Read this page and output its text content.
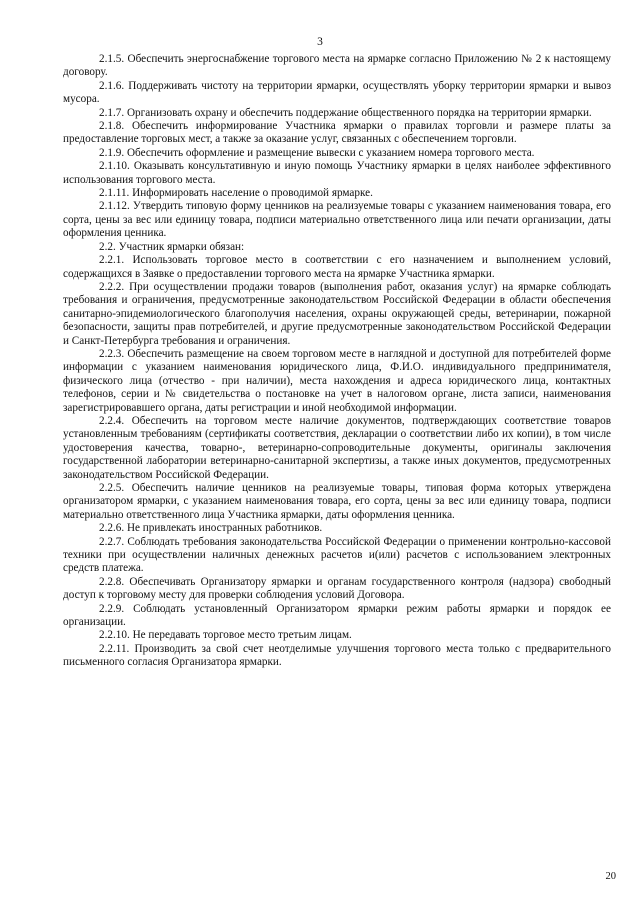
3

2.1.5. Обеспечить энергоснабжение торгового места на ярмарке согласно Приложению № 2 к настоящему договору.

2.1.6. Поддерживать чистоту на территории ярмарки, осуществлять уборку территории ярмарки и вывоз мусора.

2.1.7. Организовать охрану и обеспечить поддержание общественного порядка на территории ярмарки.

2.1.8. Обеспечить информирование Участника ярмарки о правилах торговли и размере платы за предоставление торговых мест, а также за оказание услуг, связанных с обеспечением торговли.

2.1.9. Обеспечить оформление и размещение вывески с указанием номера торгового места.

2.1.10. Оказывать консультативную и иную помощь Участнику ярмарки в целях наиболее эффективного использования торгового места.

2.1.11. Информировать население о проводимой ярмарке.

2.1.12. Утвердить типовую форму ценников на реализуемые товары с указанием наименования товара, его сорта, цены за вес или единицу товара, подписи материально ответственного лица или печати организации, даты оформления ценника.

2.2. Участник ярмарки обязан:

2.2.1. Использовать торговое место в соответствии с его назначением и выполнением условий, содержащихся в Заявке о предоставлении торгового места на ярмарке Участника ярмарки.

2.2.2. При осуществлении продажи товаров (выполнения работ, оказания услуг) на ярмарке соблюдать требования и ограничения, предусмотренные законодательством Российской Федерации в области обеспечения санитарно-эпидемиологического благополучия населения, охраны окружающей среды, ветеринарии, пожарной безопасности, защиты прав потребителей, и другие предусмотренные законодательством Российской Федерации и Санкт-Петербурга требования и ограничения.

2.2.3. Обеспечить размещение на своем торговом месте в наглядной и доступной для потребителей форме информации с указанием наименования юридического лица, Ф.И.О. индивидуального предпринимателя, физического лица (отчество - при наличии), места нахождения и адреса юридического лица, контактных телефонов, серии и № свидетельства о постановке на учет в налоговом органе, листа записи, наименования зарегистрировавшего органа, даты регистрации и иной необходимой информации.

2.2.4. Обеспечить на торговом месте наличие документов, подтверждающих соответствие товаров установленным требованиям (сертификаты соответствия, декларации о соответствии либо их копии), в том числе удостоверения качества, товарно-, ветеринарно-сопроводительные документы, оригиналы заключения государственной лаборатории ветеринарно-санитарной экспертизы, а также иных документов, предусмотренных законодательством Российской Федерации.

2.2.5. Обеспечить наличие ценников на реализуемые товары, типовая форма которых утверждена организатором ярмарки, с указанием наименования товара, его сорта, цены за вес или единицу товара, подписи материально ответственного лица Участника ярмарки, даты оформления ценника.

2.2.6. Не привлекать иностранных работников.

2.2.7. Соблюдать требования законодательства Российской Федерации о применении контрольно-кассовой техники при осуществлении наличных денежных расчетов и(или) расчетов с использованием электронных средств платежа.

2.2.8. Обеспечивать Организатору ярмарки и органам государственного контроля (надзора) свободный доступ к торговому месту для проверки соблюдения условий Договора.

2.2.9. Соблюдать установленный Организатором ярмарки режим работы ярмарки и порядок ее организации.

2.2.10. Не передавать торговое место третьим лицам.

2.2.11. Производить за свой счет неотделимые улучшения торгового места только с предварительного письменного согласия Организатора ярмарки.

20
